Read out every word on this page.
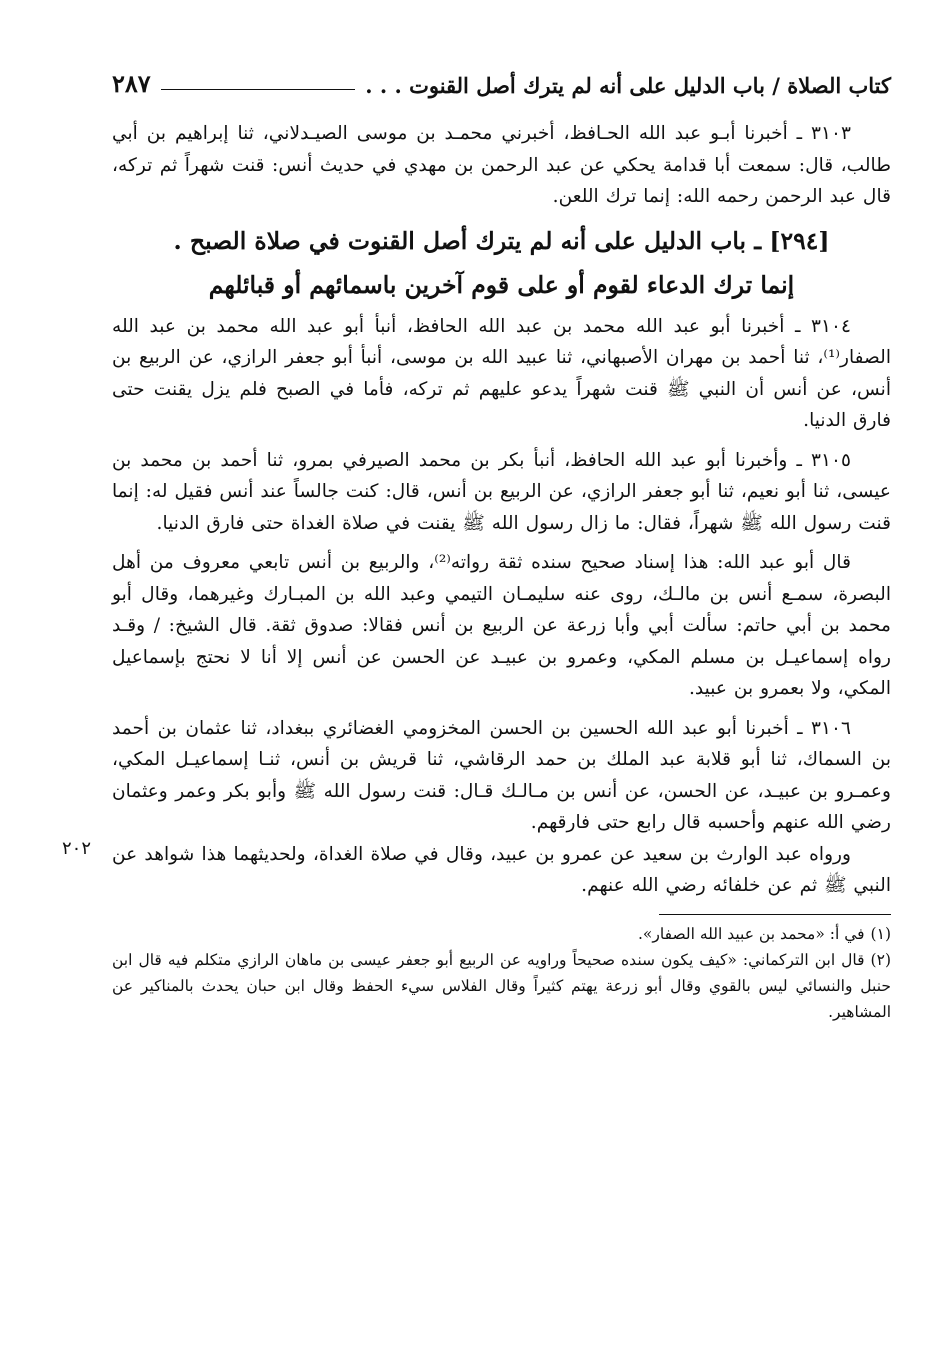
كتاب الصلاة / باب الدليل على أنه لم يترك أصل القنوت . . .
٢٨٧

٣١٠٣ ـ أخبرنا أبـو عبد الله الحـافظ، أخبرني محمـد بن موسى الصيـدلاني، ثنا إبراهيم بن أبي طالب، قال: سمعت أبا قدامة يحكي عن عبد الرحمن بن مهدي في حديث أنس: قنت شهراً ثم تركه، قال عبد الرحمن رحمه الله: إنما ترك اللعن.

[٢٩٤] ـ باب الدليل على أنه لم يترك أصل القنوت في صلاة الصبح .
إنما ترك الدعاء لقوم أو على قوم آخرين باسمائهم أو قبائلهم

٣١٠٤ ـ أخبرنا أبو عبد الله محمد بن عبد الله الحافظ، أنبأ أبو عبد الله محمد بن عبد الله الصفار⁽¹⁾، ثنا أحمد بن مهران الأصبهاني، ثنا عبيد الله بن موسى، أنبأ أبو جعفر الرازي، عن الربيع بن أنس، عن أنس أن النبي ﷺ قنت شهراً يدعو عليهم ثم تركه، فأما في الصبح فلم يزل يقنت حتى فارق الدنيا.

٣١٠٥ ـ وأخبرنا أبو عبد الله الحافظ، أنبأ بكر بن محمد الصيرفي بمرو، ثنا أحمد بن محمد بن عيسى، ثنا أبو نعيم، ثنا أبو جعفر الرازي، عن الربيع بن أنس، قال: كنت جالساً عند أنس فقيل له: إنما قنت رسول الله ﷺ شهراً، فقال: ما زال رسول الله ﷺ يقنت في صلاة الغداة حتى فارق الدنيا.

قال أبو عبد الله: هذا إسناد صحيح سنده ثقة رواته⁽²⁾، والربيع بن أنس تابعي معروف من أهل البصرة، سمـع أنس بن مالـك، روى عنه سليمـان التيمي وعبد الله بن المبـارك وغيرهما، وقال أبو محمد بن أبي حاتم: سألت أبي وأبا زرعة عن الربيع بن أنس فقالا: صدوق ثقة. قال الشيخ: / وقـد رواه إسماعيـل بن مسلم المكي، وعمرو بن عبيـد عن الحسن عن أنس إلا أنا لا نحتج بإسماعيل المكي، ولا بعمرو بن عبيد.

٣١٠٦ ـ أخبرنا أبو عبد الله الحسين بن الحسن المخزومي الغضائري ببغداد، ثنا عثمان بن أحمد بن السماك، ثنا أبو قلابة عبد الملك بن حمد الرقاشي، ثنا قريش بن أنس، ثنـا إسماعيـل المكي، وعمـرو بن عبيـد، عن الحسن، عن أنس بن مـالـك قـال: قنت رسول الله ﷺ وأبو بكر وعمر وعثمان رضي الله عنهم وأحسبه قال رابع حتى فارقهم.

ورواه عبد الوارث بن سعيد عن عمرو بن عبيد، وقال في صلاة الغداة، ولحديثهما هذا شواهد عن النبي ﷺ ثم عن خلفائه رضي الله عنهم.

(١)في أ: «محمد بن عبيد الله الصفار».

(٢)قال ابن التركماني: «كيف يكون سنده صحيحاً وراويه عن الربيع أبو جعفر عيسى بن ماهان الرازي متكلم فيه قال ابن حنبل والنسائي ليس بالقوي وقال أبو زرعة يهتم كثيراً وقال الفلاس سيء الحفظ وقال ابن حبان يحدث بالمناكير عن المشاهير.

٢٠٢
